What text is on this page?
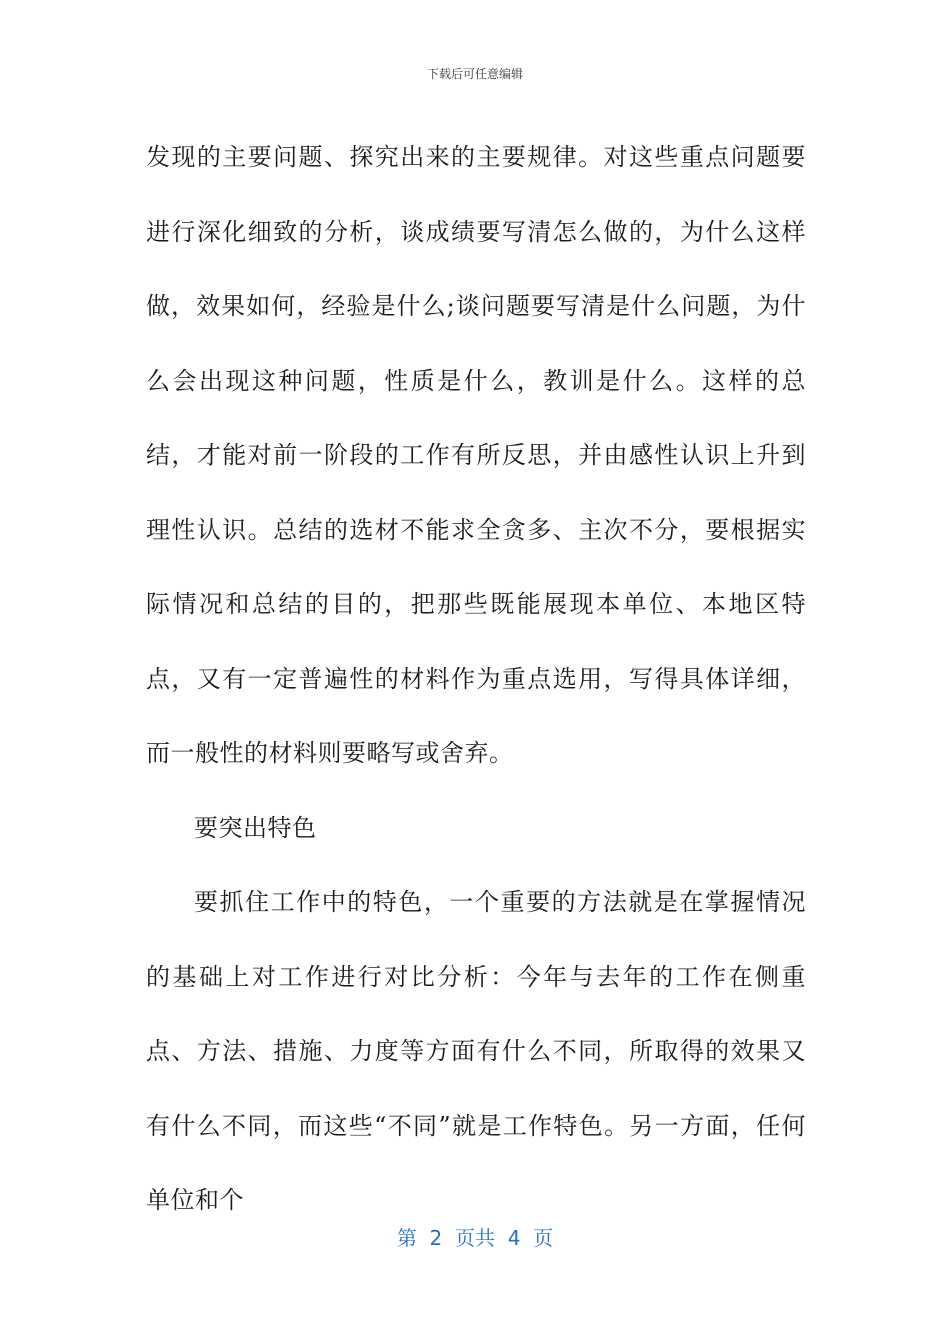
下载后可任意编辑

发现的主要问题、探究出来的主要规律。对这些重点问题要进行深化细致的分析，谈成绩要写清怎么做的，为什么这样做，效果如何，经验是什么;谈问题要写清是什么问题，为什么会出现这种问题，性质是什么，教训是什么。这样的总结，才能对前一阶段的工作有所反思，并由感性认识上升到理性认识。总结的选材不能求全贪多、主次不分，要根据实际情况和总结的目的，把那些既能展现本单位、本地区特点，又有一定普遍性的材料作为重点选用，写得具体详细，而一般性的材料则要略写或舍弃。

要突出特色

要抓住工作中的特色，一个重要的方法就是在掌握情况的基础上对工作进行对比分析：今年与去年的工作在侧重点、方法、措施、力度等方面有什么不同，所取得的效果又有什么不同，而这些“不同”就是工作特色。另一方面，任何单位和个

第  2  页共  4  页
